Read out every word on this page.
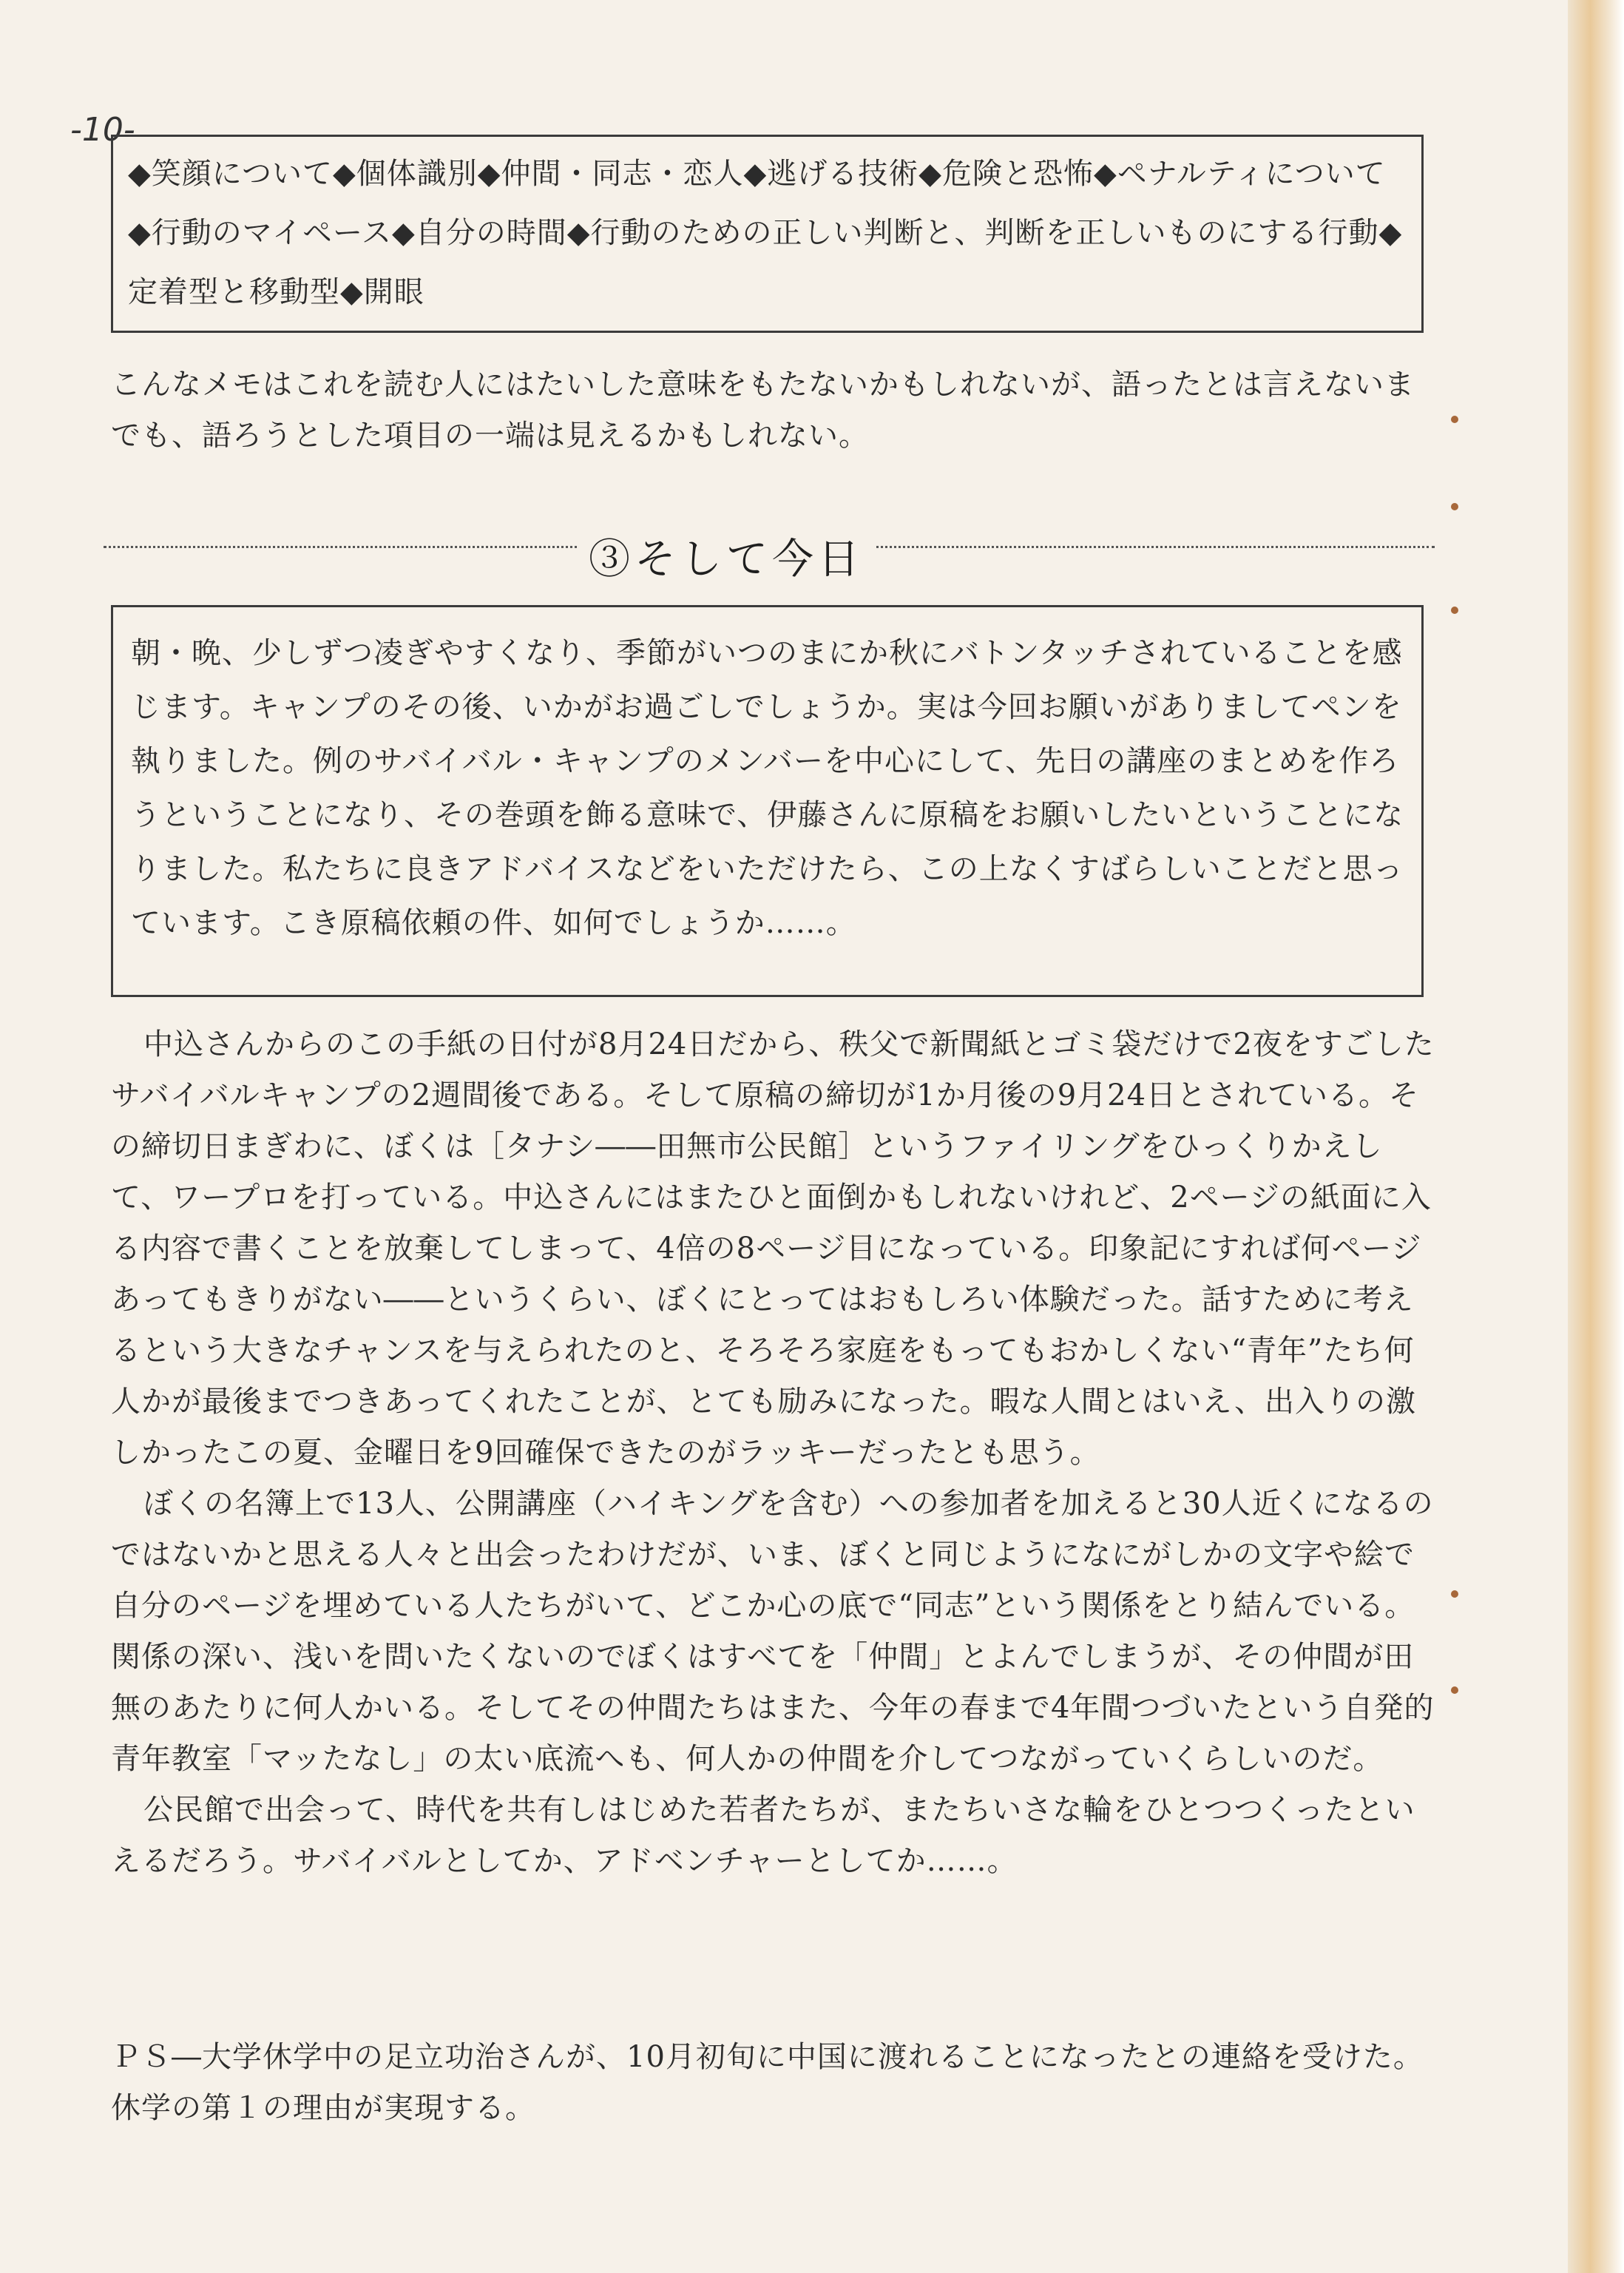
-10-
◆笑顔について◆個体識別◆仲間・同志・恋人◆逃げる技術◆危険と恐怖◆ペナルティについて◆行動のマイペース◆自分の時間◆行動のための正しい判断と、判断を正しいものにする行動◆定着型と移動型◆開眼
こんなメモはこれを読む人にはたいした意味をもたないかもしれないが、語ったとは言えないまでも、語ろうとした項目の一端は見えるかもしれない。
③そして今日
朝・晩、少しずつ凌ぎやすくなり、季節がいつのまにか秋にバトンタッチされていることを感じます。キャンプのその後、いかがお過ごしでしょうか。実は今回お願いがありましてペンを執りました。例のサバイバル・キャンプのメンバーを中心にして、先日の講座のまとめを作ろうということになり、その巻頭を飾る意味で、伊藤さんに原稿をお願いしたいということになりました。私たちに良きアドバイスなどをいただけたら、この上なくすばらしいことだと思っています。こき原稿依頼の件、如何でしょうか……。

中込さんからのこの手紙の日付が8月24日だから、秩父で新聞紙とゴミ袋だけで2夜をすごしたサバイバルキャンプの2週間後である。そして原稿の締切が1か月後の9月24日とされている。その締切日まぎわに、ぼくは［タナシ――田無市公民館］というファイリングをひっくりかえして、ワープロを打っている。中込さんにはまたひと面倒かもしれないけれど、2ページの紙面に入る内容で書くことを放棄してしまって、4倍の8ページ目になっている。印象記にすれば何ページあってもきりがない――というくらい、ぼくにとってはおもしろい体験だった。話すために考えるという大きなチャンスを与えられたのと、そろそろ家庭をもってもおかしくない“青年”たち何人かが最後までつきあってくれたことが、とても励みになった。暇な人間とはいえ、出入りの激しかったこの夏、金曜日を9回確保できたのがラッキーだったとも思う。

ぼくの名簿上で13人、公開講座（ハイキングを含む）への参加者を加えると30人近くになるのではないかと思える人々と出会ったわけだが、いま、ぼくと同じようになにがしかの文字や絵で自分のページを埋めている人たちがいて、どこか心の底で“同志”という関係をとり結んでいる。関係の深い、浅いを問いたくないのでぼくはすべてを「仲間」とよんでしまうが、その仲間が田無のあたりに何人かいる。そしてその仲間たちはまた、今年の春まで4年間つづいたという自発的青年教室「マッたなし」の太い底流へも、何人かの仲間を介してつながっていくらしいのだ。

公民館で出会って、時代を共有しはじめた若者たちが、またちいさな輪をひとつつくったといえるだろう。サバイバルとしてか、アドベンチャーとしてか……。

ＰＳ―大学休学中の足立功治さんが、10月初旬に中国に渡れることになったとの連絡を受けた。休学の第１の理由が実現する。
